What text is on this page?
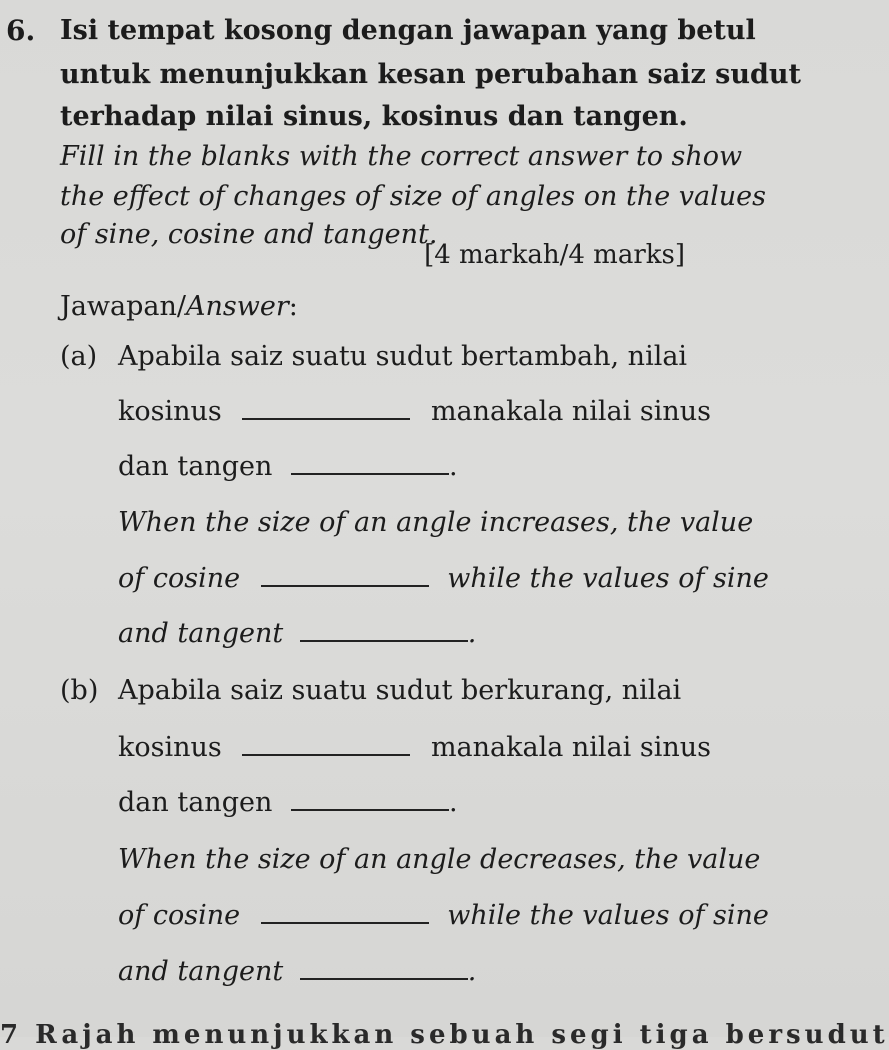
6. Isi tempat kosong dengan jawapan yang betul
untuk menunjukkan kesan perubahan saiz sudut
terhadap nilai sinus, kosinus dan tangen.
Fill in the blanks with the correct answer to show
the effect of changes of size of angles on the values
of sine, cosine and tangent.
[4 markah/4 marks]
Jawapan/Answer:
(a) Apabila saiz suatu sudut bertambah, nilai
kosinus	manakala nilai sinus
dan tangen	.
When the size of an angle increases, the value
of cosine	while the values of sine
and tangent	.
(b) Apabila saiz suatu sudut berkurang, nilai
kosinus	manakala nilai sinus
dan tangen	.
When the size of an angle decreases, the value
of cosine	while the values of sine
and tangent	.
7 Rajah menunjukkan sebuah segi tiga bersudut
